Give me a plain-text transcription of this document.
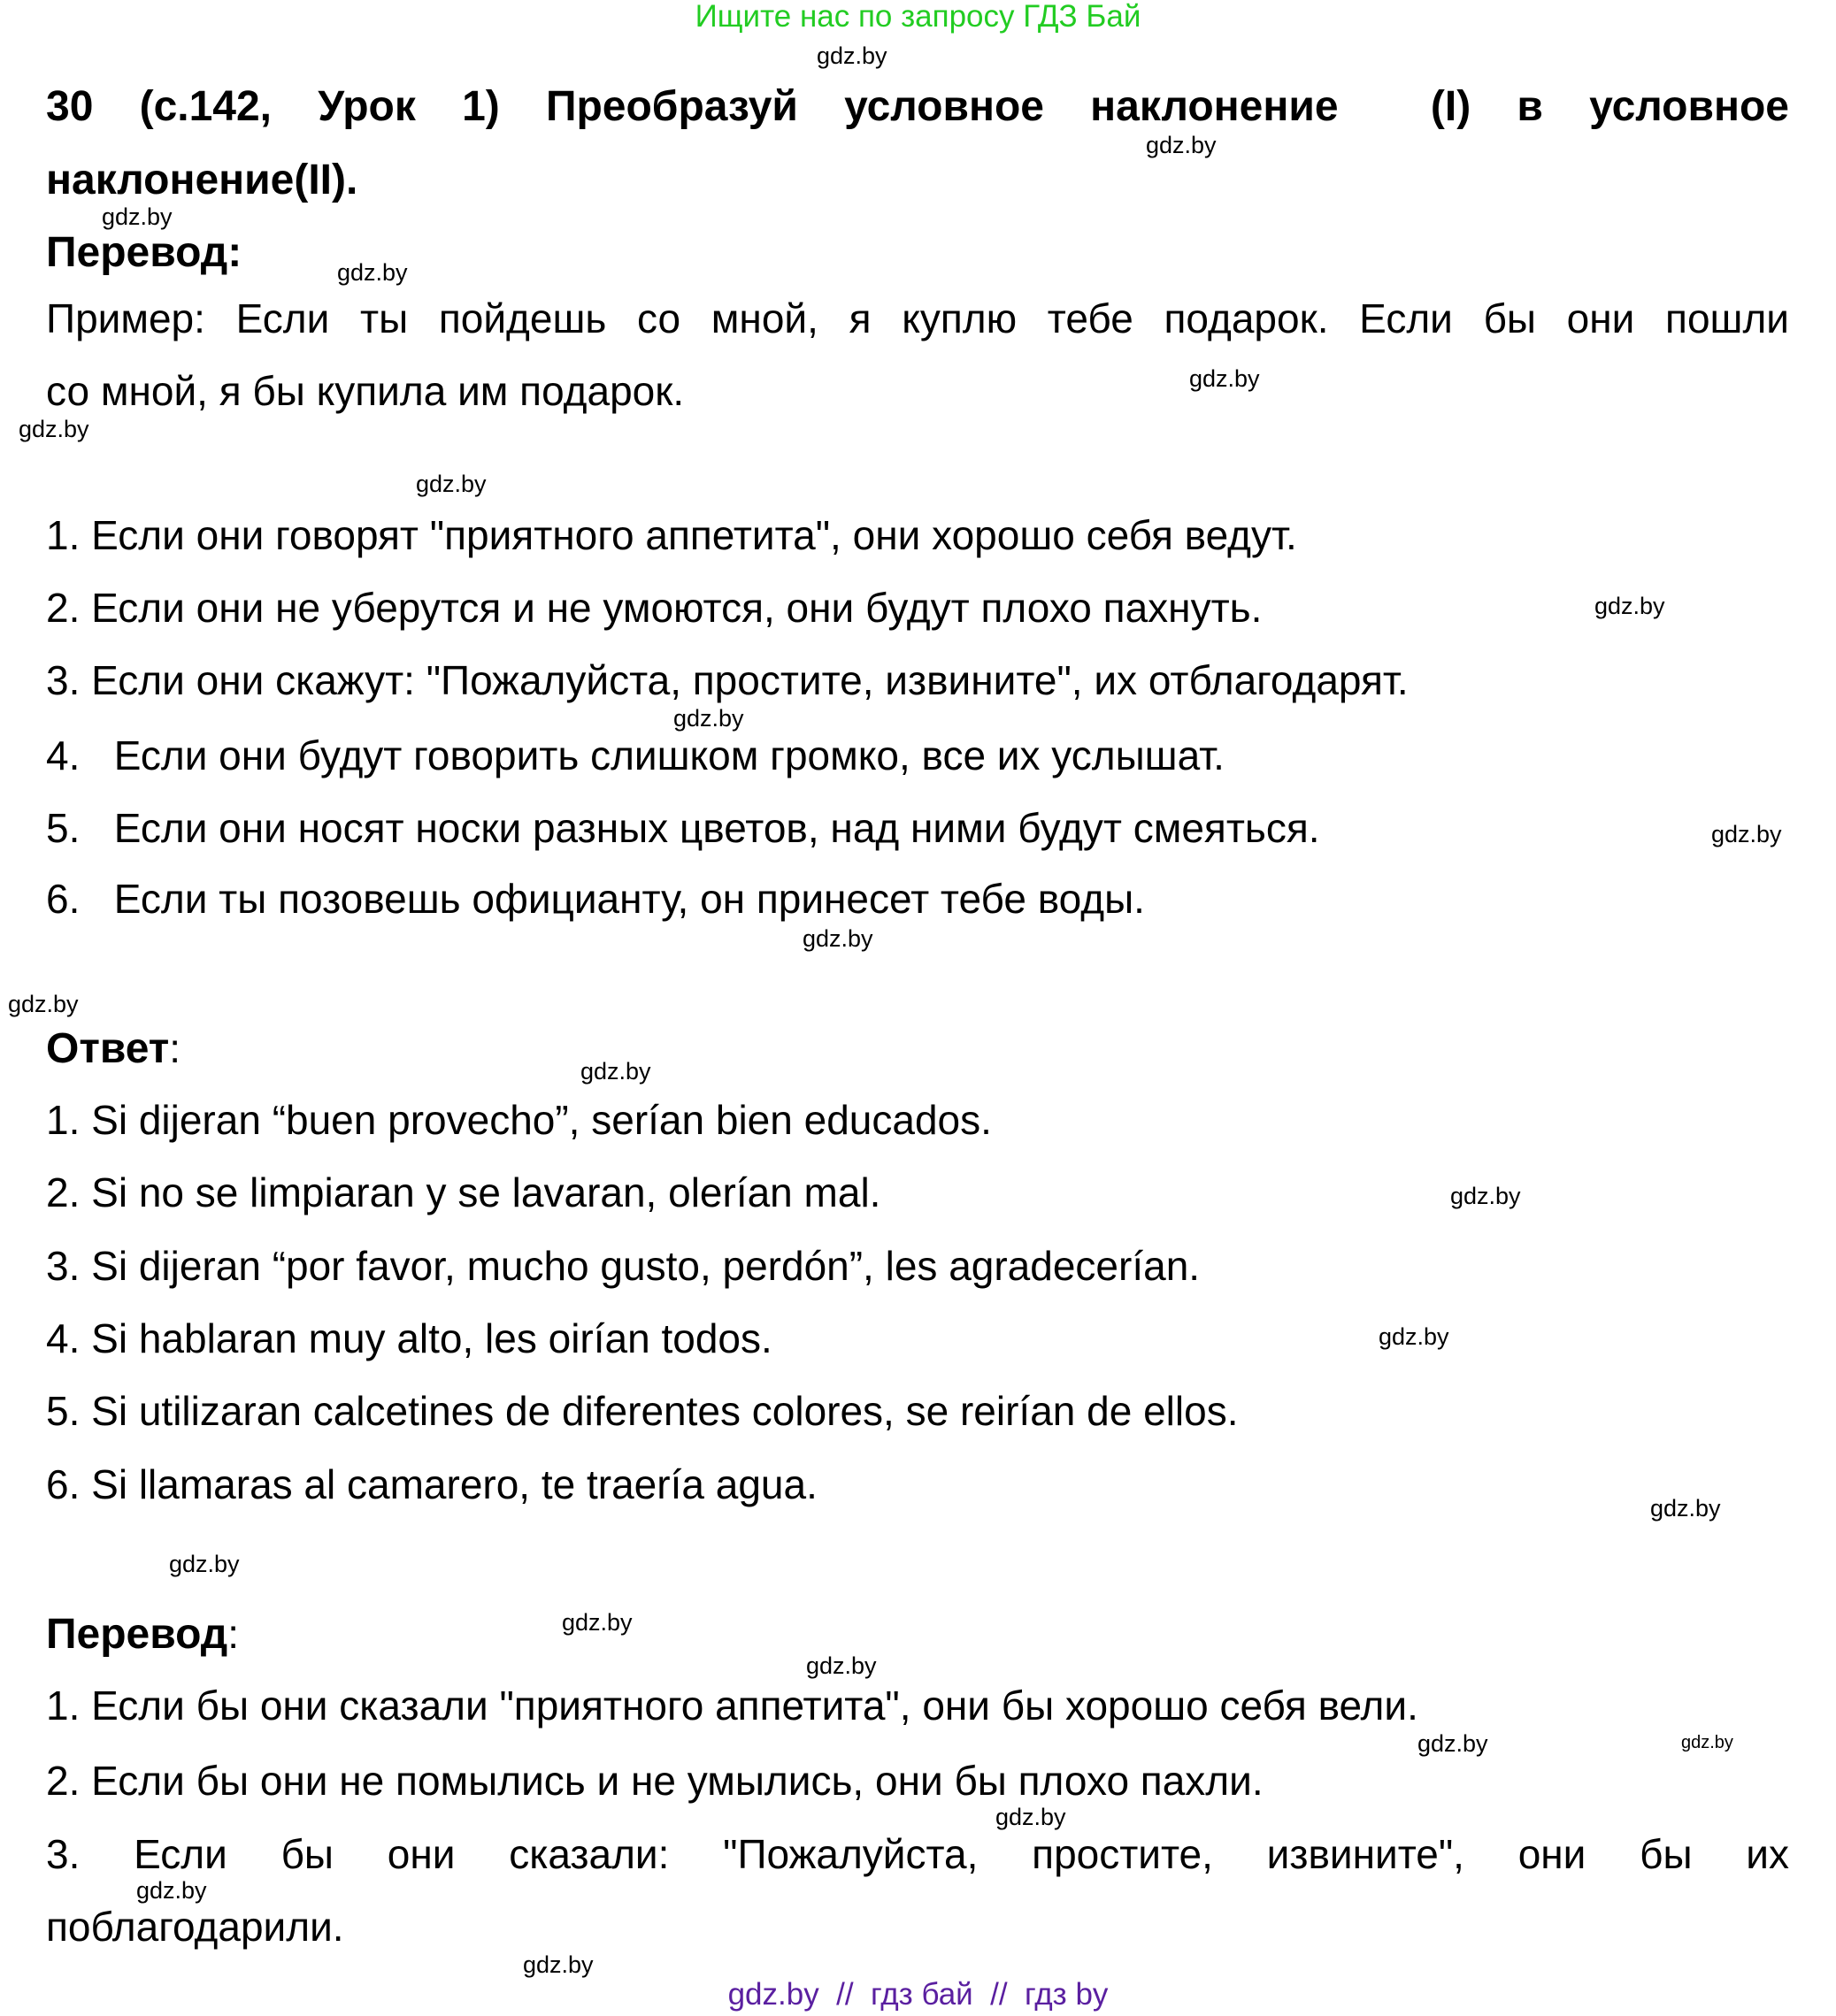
Ищите нас по запросу ГДЗ Бай
30 (с.142, Урок 1) Преобразуй условное наклонение  (I) в условное
наклонение(II).
Перевод:
Пример: Если ты пойдешь со мной, я куплю тебе подарок. Если бы они пошли
со мной, я бы купила им подарок.
1. Если они говорят "приятного аппетита", они хорошо себя ведут.
2. Если они не уберутся и не умоются, они будут плохо пахнуть.
3. Если они скажут: "Пожалуйста, простите, извините", их отблагодарят.
4.   Если они будут говорить слишком громко, все их услышат.
5.   Если они носят носки разных цветов, над ними будут смеяться.
6.   Если ты позовешь официанту, он принесет тебе воды.
Ответ:
1. Si dijeran “buen provecho”, serían bien educados.
2. Si no se limpiaran y se lavaran, olerían mal.
3. Si dijeran “por favor, mucho gusto, perdón”, les agradecerían.
4. Si hablaran muy alto, les oirían todos.
5. Si utilizaran calcetines de diferentes colores, se reirían de ellos.
6. Si llamaras al camarero, te traería agua.
Перевод:
1. Если бы они сказали "приятного аппетита", они бы хорошо себя вели.
2. Если бы они не помылись и не умылись, они бы плохо пахли.
3. Если бы они сказали: "Пожалуйста, простите, извините", они бы их
поблагодарили.
gdz.by
gdz.by
gdz.by
gdz.by
gdz.by
gdz.by
gdz.by
gdz.by
gdz.by
gdz.by
gdz.by
gdz.by
gdz.by
gdz.by
gdz.by
gdz.by
gdz.by
gdz.by
gdz.by
gdz.by
gdz.by
gdz.by
gdz.by
gdz.by
gdz.by  //  гдз бай  //  гдз by
